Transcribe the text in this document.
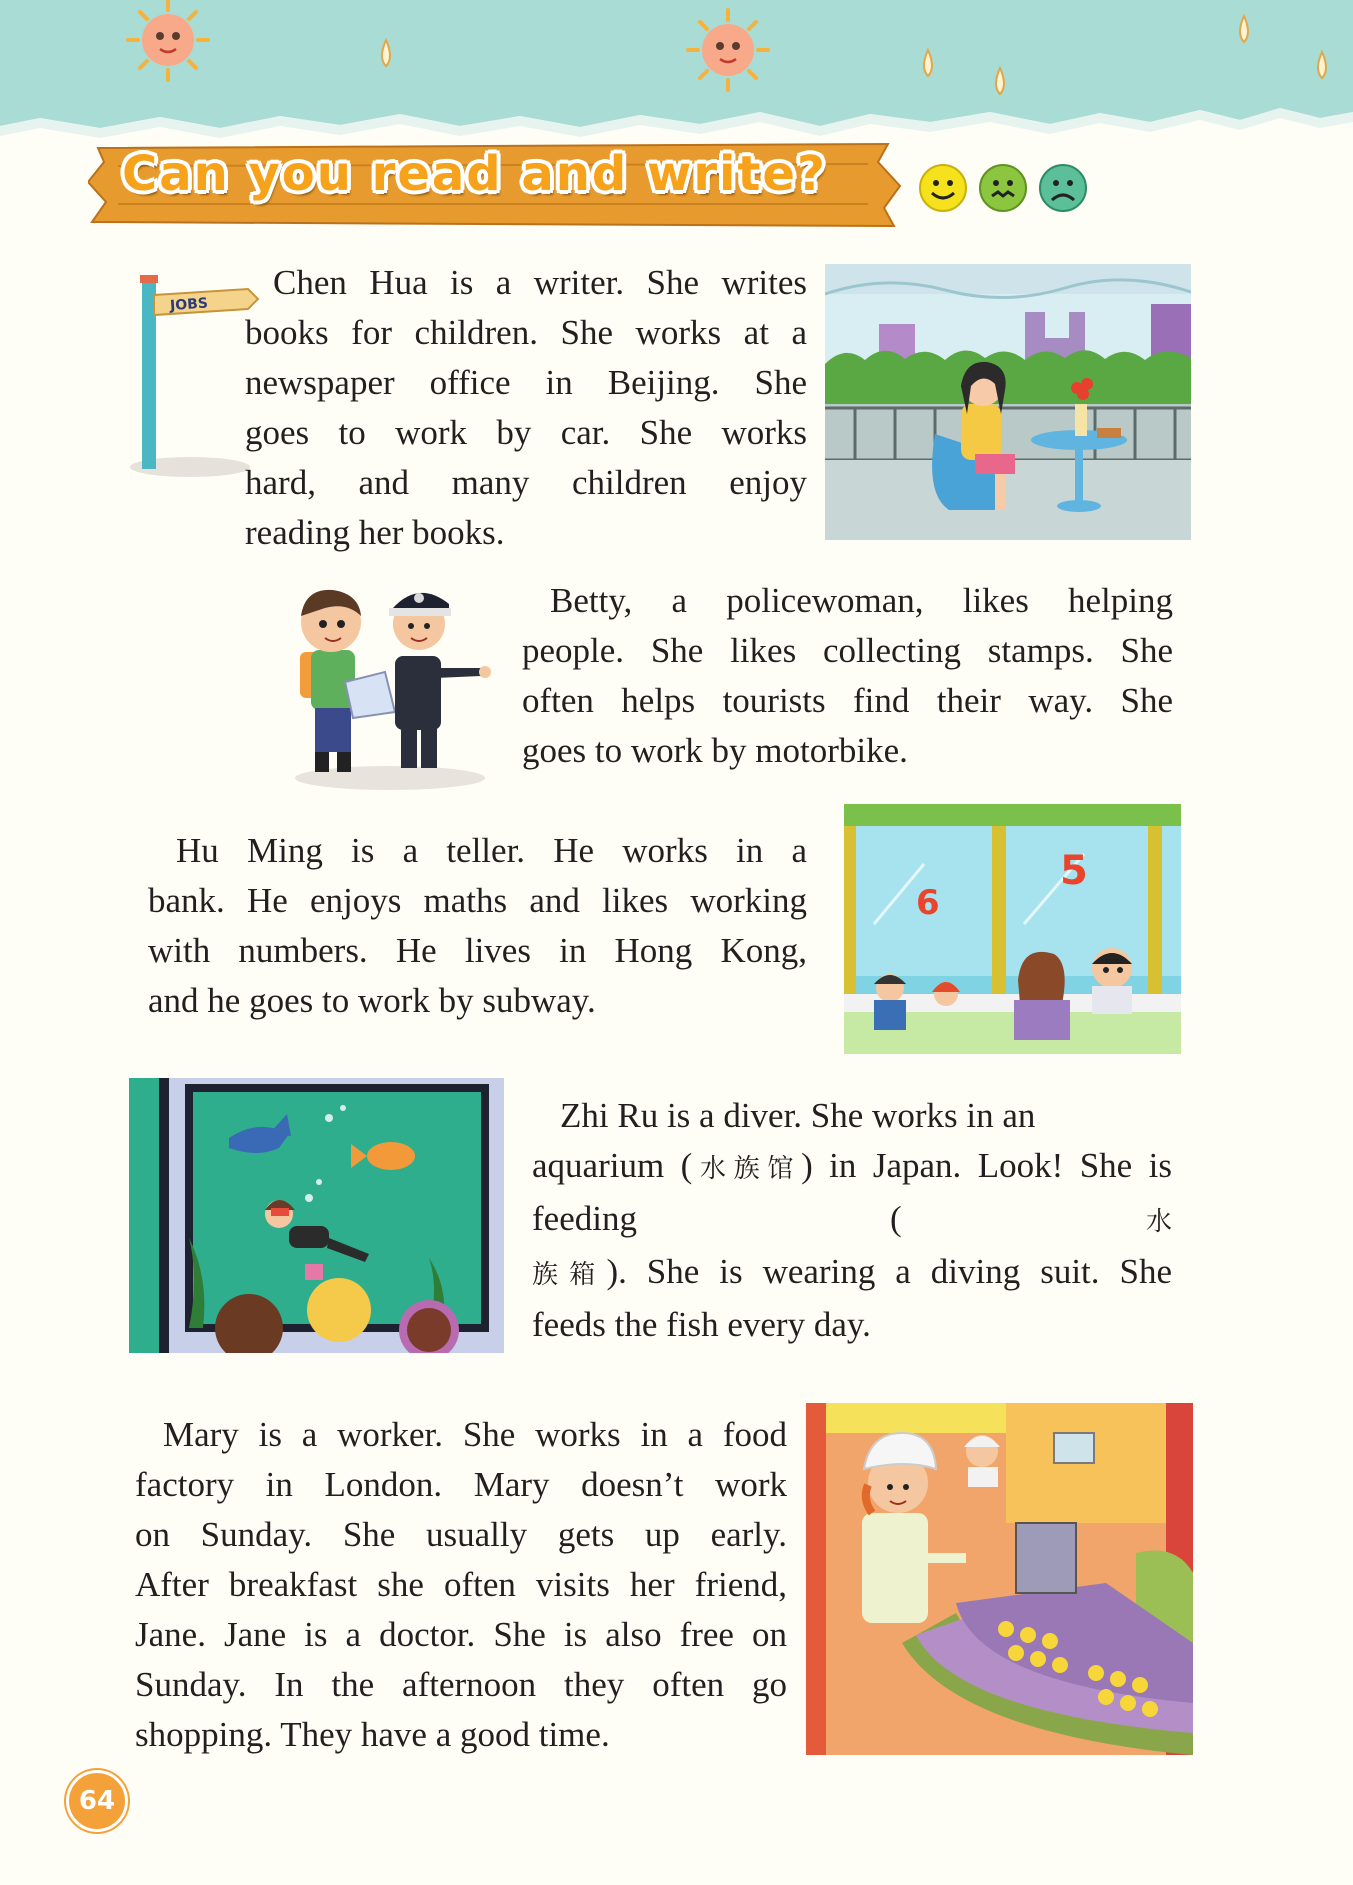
Can you read and write?
JOBS
Chen Hua is a writer. She writes
books for children. She works at a
newspaper office in Beijing. She
goes to work by car. She works
hard, and many children enjoy
reading her books.
Betty, a policewoman, likes helping
people. She likes collecting stamps. She
often helps tourists find their way. She
goes to work by motorbike.
Hu Ming is a teller. He works in a
bank. He enjoys maths and likes working
with numbers. He lives in Hong Kong,
and he goes to work by subway.
6
5
Zhi Ru is a diver. She works in an
aquarium (水族馆) in Japan. Look! She is
feeding (水
族箱). She is wearing a diving suit. She
feeds the fish every day.
Mary is a worker. She works in a food
factory in London. Mary doesn’t work
on Sunday. She usually gets up early.
After breakfast she often visits her friend,
Jane. Jane is a doctor. She is also free on
Sunday. In the afternoon they often go
shopping. They have a good time.
64
